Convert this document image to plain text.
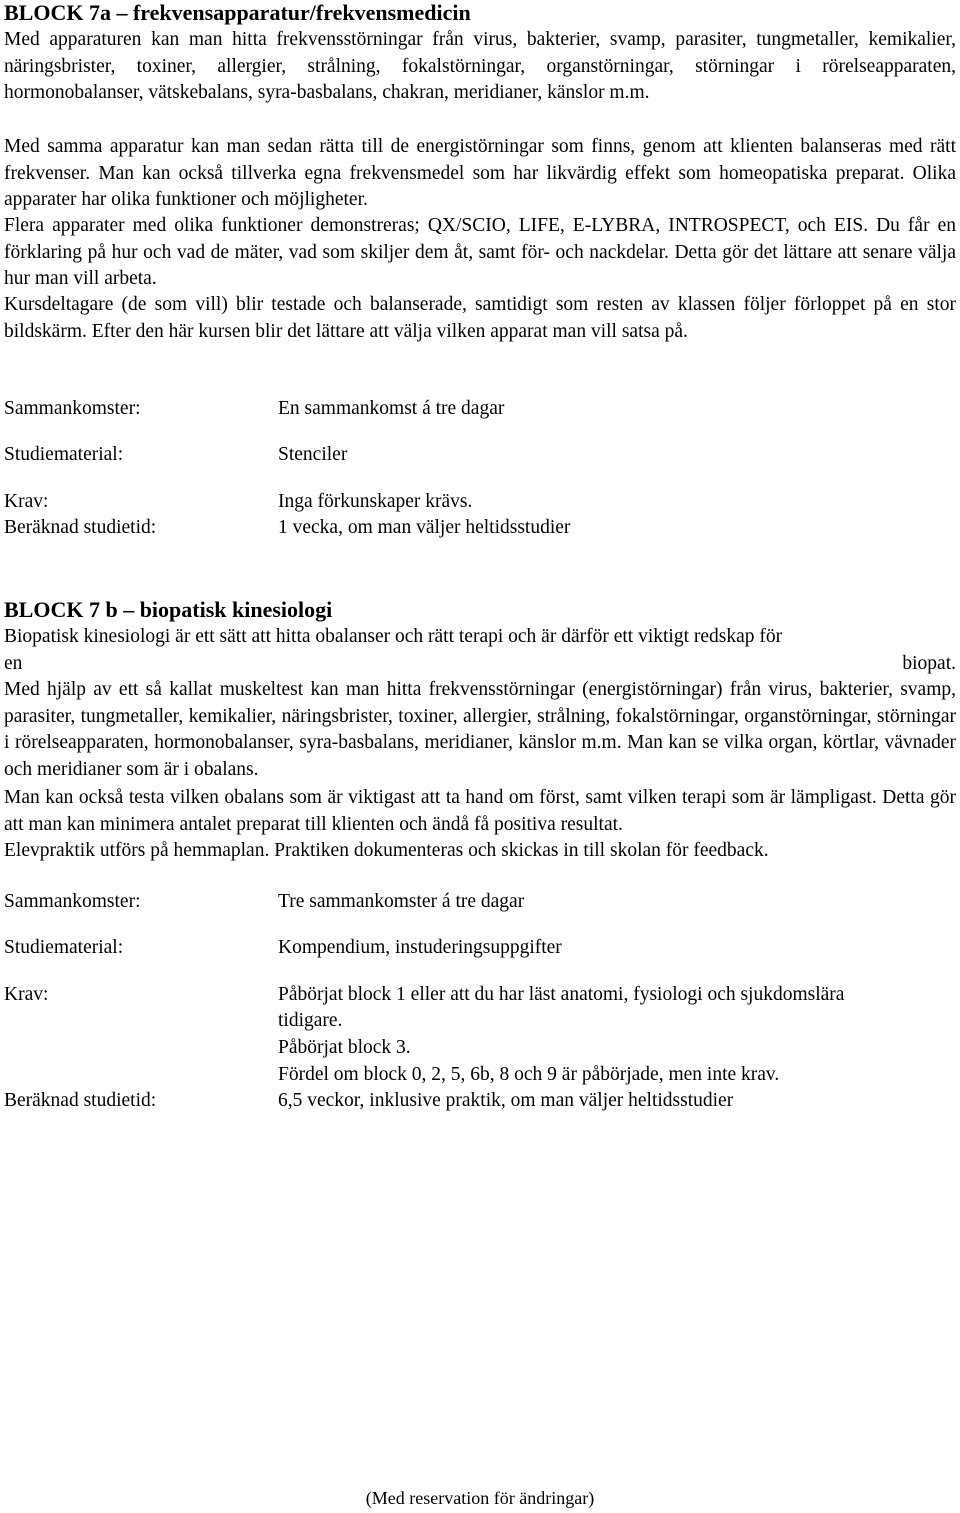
BLOCK 7a – frekvensapparatur/frekvensmedicin

Med apparaturen kan man hitta frekvensstörningar från virus, bakterier, svamp, parasiter, tungmetaller, kemikalier, näringsbrister, toxiner, allergier, strålning, fokalstörningar, organstörningar, störningar i rörelseapparaten, hormonobalanser, vätskebalans, syra-basbalans, chakran, meridianer, känslor m.m.

Med samma apparatur kan man sedan rätta till de energistörningar som finns, genom att klienten balanseras med rätt frekvenser. Man kan också tillverka egna frekvensmedel som har likvärdig effekt som homeopatiska preparat. Olika apparater har olika funktioner och möjligheter.

Flera apparater med olika funktioner demonstreras; QX/SCIO, LIFE, E-LYBRA, INTROSPECT, och EIS. Du får en förklaring på hur och vad de mäter, vad som skiljer dem åt, samt för- och nackdelar. Detta gör det lättare att senare välja hur man vill arbeta.

Kursdeltagare (de som vill) blir testade och balanserade, samtidigt som resten av klassen följer förloppet på en stor bildskärm. Efter den här kursen blir det lättare att välja vilken apparat man vill satsa på.

Sammankomster:	En sammankomst á tre dagar
Studiematerial:	Stenciler
Krav:	Inga förkunskaper krävs.
Beräknad studietid:	1 vecka, om man väljer heltidsstudier
BLOCK 7 b – biopatisk kinesiologi

Biopatisk kinesiologi är ett sätt att hitta obalanser och rätt terapi och är därför ett viktigt redskap för

en	biopat.

Med hjälp av ett så kallat muskeltest kan man hitta frekvensstörningar (energistörningar) från virus, bakterier, svamp, parasiter, tungmetaller, kemikalier, näringsbrister, toxiner, allergier, strålning, fokalstörningar, organstörningar, störningar i rörelseapparaten, hormonobalanser, syra-basbalans, meridianer, känslor m.m. Man kan se vilka organ, körtlar, vävnader och meridianer som är i obalans.

Man kan också testa vilken obalans som är viktigast att ta hand om först, samt vilken terapi som är lämpligast. Detta gör att man kan minimera antalet preparat till klienten och ändå få positiva resultat.

Elevpraktik utförs på hemmaplan. Praktiken dokumenteras och skickas in till skolan för feedback.

Sammankomster:	Tre sammankomster á tre dagar
Studiematerial:	Kompendium, instuderingsuppgifter
Krav:	Påbörjat block 1 eller att du har läst anatomi, fysiologi och sjukdomslära
tidigare.
Påbörjat block 3.
Fördel om block 0, 2, 5, 6b, 8 och 9 är påbörjade, men inte krav.
Beräknad studietid:	6,5 veckor, inklusive praktik, om man väljer heltidsstudier
(Med reservation för ändringar)
